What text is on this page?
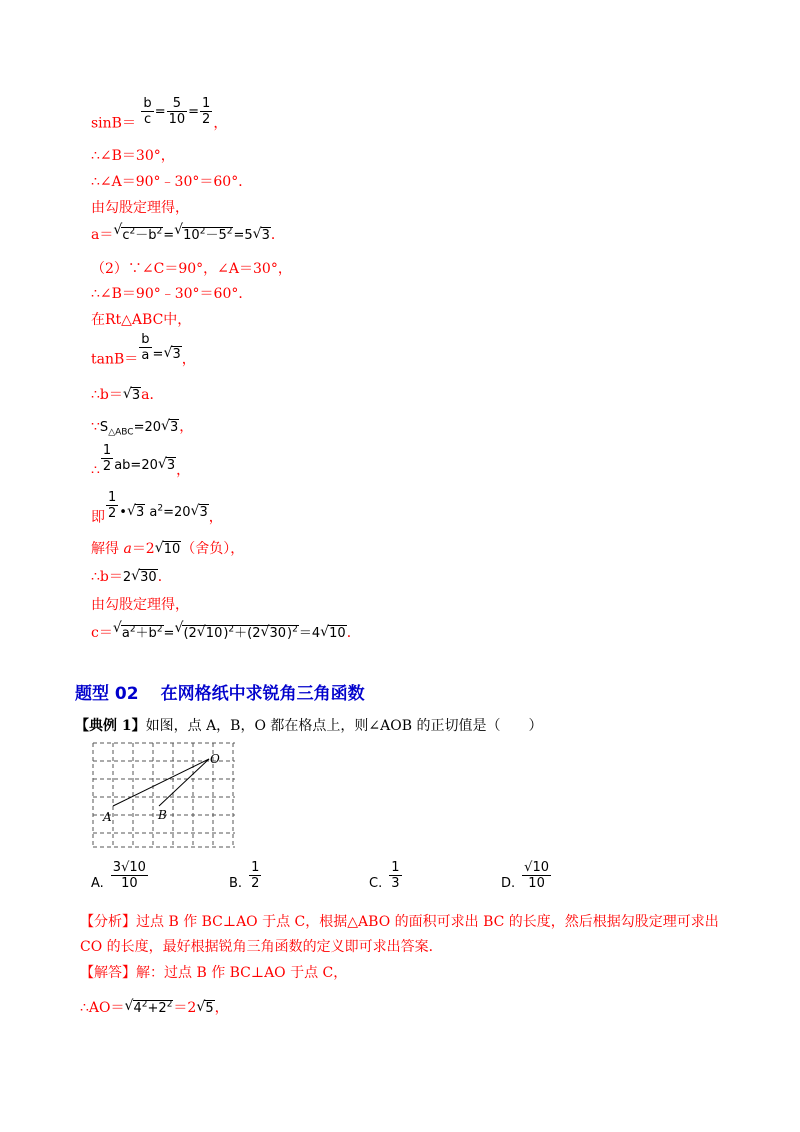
$\sin B= \frac{b}{c} = \frac{5}{10} = \frac{1}{2}$ ，
∴∠B＝30°，
∴∠A＝90°﹣30°＝60°．
由勾股定理得，
a＝√ $c^2-b^2=√$ $10^2-5^2=5√$ 3．
（2）∵∠C＝90°，∠A＝30°，
∴∠B＝90°﹣30°＝60°．
在Rt△ABC中，
$\tan B= \frac{b}{a}$ =√ 3，
∴b＝√ 3a．
$\because S_{\triangle ABC}=20√$ 3，
∴ $\frac{1}{2} ab=20√$ 3，
即 $\frac{1}{2}$ •√ 3 $a^2=20√$ 3，
解得 a＝2√ 10（舍负），
∴b＝2√ 30．
由勾股定理得，
c＝√ $a^2+b^2=√$ (2√ 10)$^2$＋(2√ 30)$^2$＝4√ 10．
题型 02 在网格纸中求锐角三角函数
【典例 1】如图，点 A，B，O 都在格点上，则∠AOB 的正切值是（　　）
O
A	B
A. $\frac{3√10}{10}$	B. $\frac{1}{2}$	C. $\frac{1}{3}$	D. $\frac{√10}{10}$
【分析】过点 B 作 BC⊥AO 于点 C，根据△ABO 的面积可求出 BC 的长度，然后根据勾股定理可求出
CO 的长度，最好根据锐角三角函数的定义即可求出答案．
【解答】解：过点 B 作 BC⊥AO 于点 C，
∴AO＝√ $4^2+2^2=2√$ 5，
